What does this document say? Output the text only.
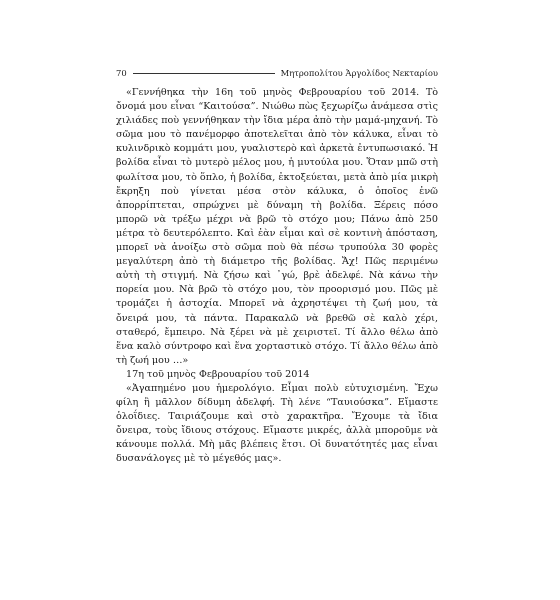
70	Μητροπολίτου Ἀργολίδος Νεκταρίου

«Γεννήθηκα τὴν 16η τοῦ μηνὸς Φεβρουαρίου τοῦ 2014. Τὸ ὄνομά μου εἶναι “Καιτούσα”. Νιώθω πὼς ξεχωρίζω ἀνάμεσα στὶς χιλιάδες ποὺ γεννήθηκαν τὴν ἴδια μέρα ἀπὸ τὴν μαμά-μηχανή. Τὸ σῶμα μου τὸ πανέμορφο ἀποτελεῖται ἀπὸ τὸν κάλυκα, εἶναι τὸ κυλινδρικὸ κομμάτι μου, γυαλιστερὸ καὶ ἀρκετὰ ἐντυπωσιακό. Ἡ βολίδα εἶναι τὸ μυτερὸ μέλος μου, ἡ μυτούλα μου. Ὅταν μπῶ στὴ φωλίτσα μου, τὸ ὅπλο, ἡ βολίδα, ἐκτοξεύεται, μετὰ ἀπὸ μία μικρὴ ἔκρηξη ποὺ γίνεται μέσα στὸν κάλυκα, ὁ ὁποῖος ἐνῶ ἀπορρίπτεται, σπρώχνει μὲ δύναμη τὴ βολίδα. Ξέρεις πόσο μπορῶ νὰ τρέξω μέχρι νὰ βρῶ τὸ στόχο μου; Πάνω ἀπὸ 250 μέτρα τὸ δευτερόλεπτο. Καὶ ἐὰν εἶμαι καὶ σὲ κοντινὴ ἀπόσταση, μπορεῖ νὰ ἀνοίξω στὸ σῶμα ποὺ θὰ πέσω τρυπούλα 30 φορὲς μεγαλύτερη ἀπὸ τὴ διάμετρο τῆς βολίδας. Ἄχ! Πῶς περιμένω αὐτὴ τὴ στιγμή. Νὰ ζήσω καὶ ᾽γώ, βρὲ ἀδελφέ. Νὰ κάνω τὴν πορεία μου. Νὰ βρῶ τὸ στόχο μου, τὸν προορισμό μου. Πῶς μὲ τρομάζει ἡ ἀστοχία. Μπορεῖ νὰ ἀχρηστέψει τὴ ζωή μου, τὰ ὄνειρά μου, τὰ πάντα. Παρακαλῶ νὰ βρεθῶ σὲ καλὸ χέρι, σταθερό, ἔμπειρο. Νὰ ξέρει νὰ μὲ χειριστεῖ. Τί ἄλλο θέλω ἀπὸ ἕνα καλὸ σύντροφο καὶ ἕνα χορταστικὸ στόχο. Τί ἄλλο θέλω ἀπὸ τὴ ζωή μου …»

17η τοῦ μηνὸς Φεβρουαρίου τοῦ 2014

«Ἀγαπημένο μου ἡμερολόγιο. Εἶμαι πολὺ εὐτυχισμένη. Ἔχω φίλη ἢ μᾶλλον δίδυμη ἀδελφή. Τὴ λένε “Ταυιούσκα”. Εἴμαστε ὁλοΐδιες. Ταιριάζουμε καὶ στὸ χαρακτῆρα. Ἔχουμε τὰ ἴδια ὄνειρα, τοὺς ἴδιους στόχους. Εἴμαστε μικρές, ἀλλὰ μποροῦμε νὰ κάνουμε πολλά. Μὴ μᾶς βλέπεις ἔτσι. Οἱ δυνατότητές μας εἶναι δυσανάλογες μὲ τὸ μέγεθός μας».
